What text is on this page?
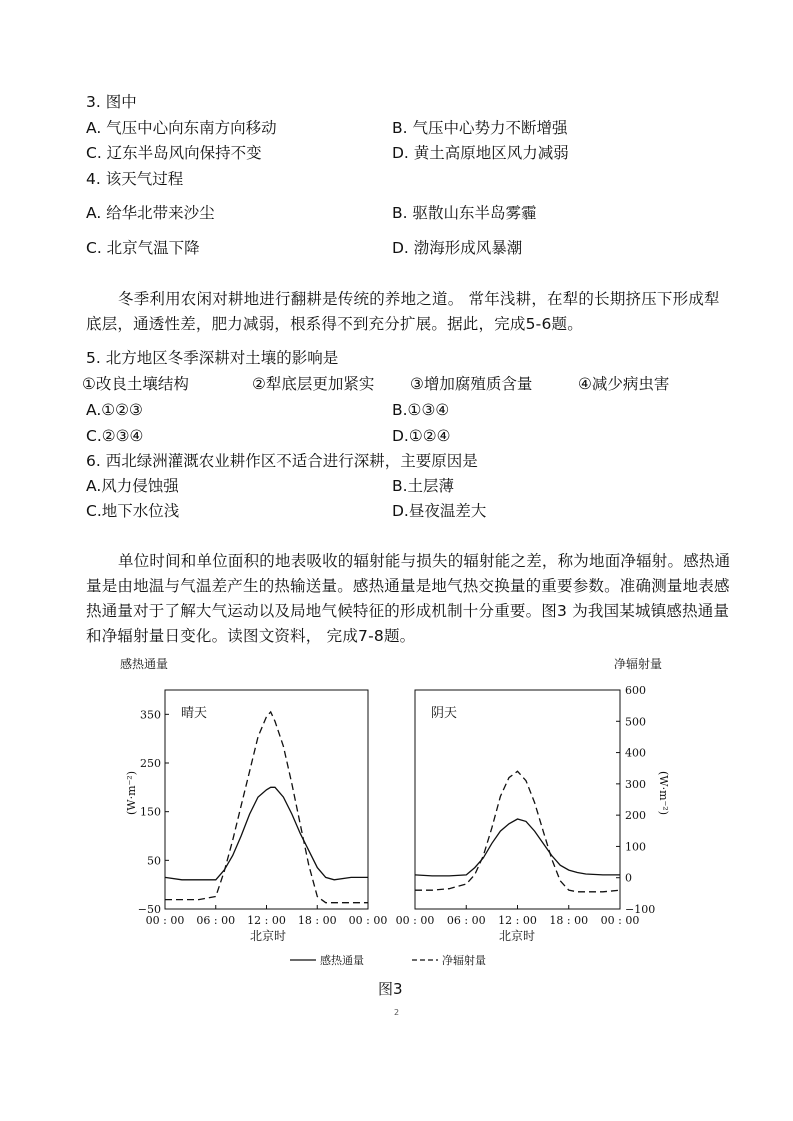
3. 图中
A. 气压中心向东南方向移动	B. 气压中心势力不断增强
C. 辽东半岛风向保持不变	D. 黄土高原地区风力减弱
4. 该天气过程
A. 给华北带来沙尘	B. 驱散山东半岛雾霾
C. 北京气温下降	D. 渤海形成风暴潮
冬季利用农闲对耕地进行翻耕是传统的养地之道。 常年浅耕，在犁的长期挤压下形成犁底层，通透性差，肥力减弱，根系得不到充分扩展。据此，完成5-6题。
5. 北方地区冬季深耕对土壤的影响是
①改良土壤结构	②犁底层更加紧实 ③增加腐殖质含量	④减少病虫害
A.①②③	B.①③④
C.②③④	D.①②④
6. 西北绿洲灌溉农业耕作区不适合进行深耕，主要原因是
A.风力侵蚀强	B.土层薄
C.地下水位浅	D.昼夜温差大
单位时间和单位面积的地表吸收的辐射能与损失的辐射能之差，称为地面净辐射。感热通量是由地温与气温差产生的热输送量。感热通量是地气热交换量的重要参数。准确测量地表感热通量对于了解大气运动以及局地气候特征的形成机制十分重要。图3 为我国某城镇感热通量和净辐射量日变化。读图文资料， 完成7-8题。
感热通量	净辐射量
(W·m⁻²)	(W·m⁻²)
晴天
00 : 00 06 : 00 12 : 00 18 : 00 00 : 00
−50
50
150
250
350	阴天
00 : 00 06 : 00 12 : 00 18 : 00 00 : 00
−100
0
100
200
300
400
500
600
北京时	北京时
感热通量	净辐射量
图3
2
